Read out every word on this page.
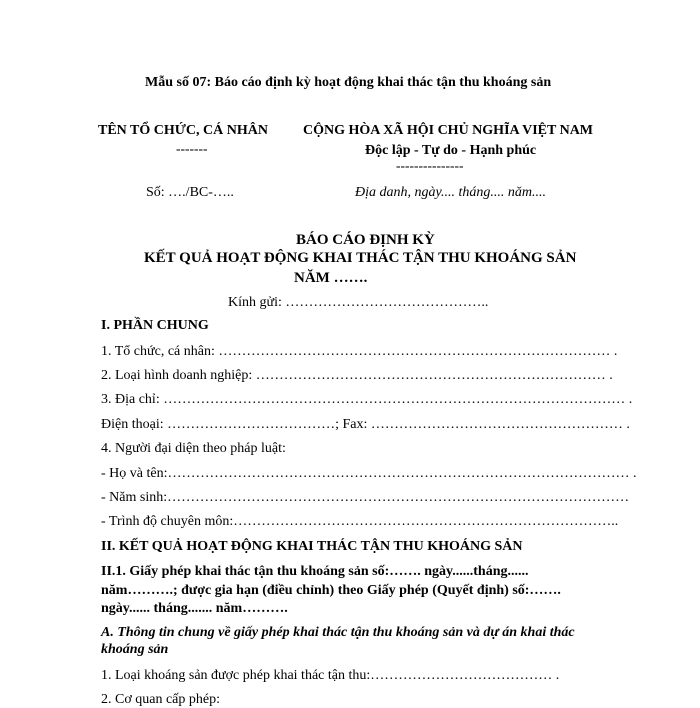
Mẫu số 07: Báo cáo định kỳ hoạt động khai thác tận thu khoáng sản
TÊN TỔ CHỨC, CÁ NHÂN
-------
CỘNG HÒA XÃ HỘI CHỦ NGHĨA VIỆT NAM
Độc lập - Tự do - Hạnh phúc
---------------
Số: …./BC-…..	Địa danh, ngày.... tháng.... năm....
BÁO CÁO ĐỊNH KỲ
KẾT QUẢ HOẠT ĐỘNG KHAI THÁC TẬN THU KHOÁNG SẢN
NĂM …….
Kính gửi: ……………………………………..
I. PHẦN CHUNG
1. Tổ chức, cá nhân: ………………………………………………………………………… .
2. Loại hình doanh nghiệp: ………………………………………………………………… .
3. Địa chỉ: ……………………………………………………………………………………… .
Điện thoại: ………………………………; Fax: ……………………………………………… .
4. Người đại diện theo pháp luật:
- Họ và tên:……………………………………………………………………………………… .
- Năm sinh:………………………………………………………………………………………
- Trình độ chuyên môn:………………………………………………………………………..
II. KẾT QUẢ HOẠT ĐỘNG KHAI THÁC TẬN THU KHOÁNG SẢN
II.1. Giấy phép khai thác tận thu khoáng sản số:……. ngày......tháng......
năm……….; được gia hạn (điều chỉnh) theo Giấy phép (Quyết định) số:…….
ngày...... tháng....... năm……….
A. Thông tin chung về giấy phép khai thác tận thu khoáng sản và dự án khai thác
khoáng sản
1. Loại khoáng sản được phép khai thác tận thu:………………………………… .
2. Cơ quan cấp phép:
